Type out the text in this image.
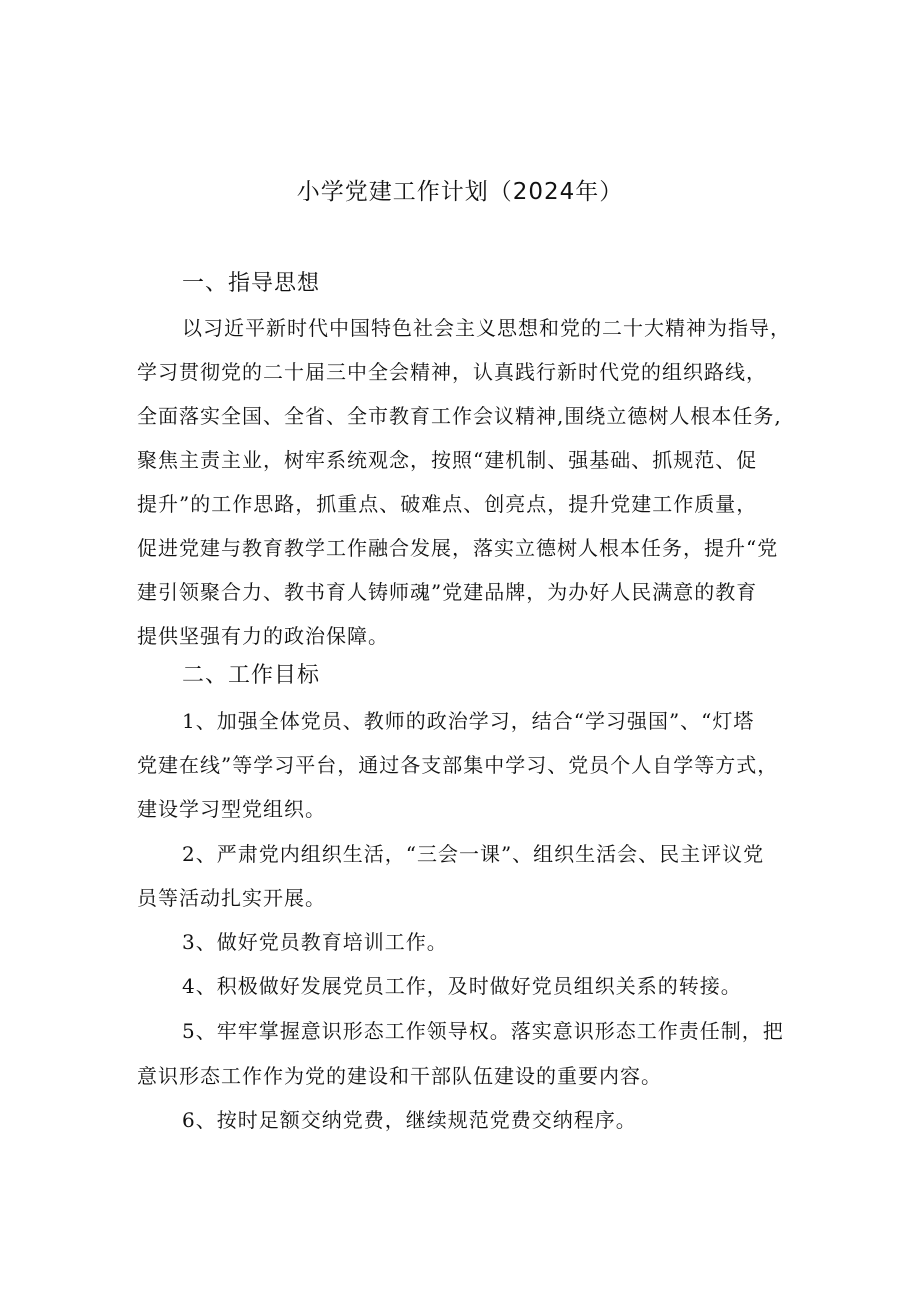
小学党建工作计划（2024年）
一、指导思想
以习近平新时代中国特色社会主义思想和党的二十大精神为指导，
学习贯彻党的二十届三中全会精神，认真践行新时代党的组织路线，
全面落实全国、全省、全市教育工作会议精神,围绕立德树人根本任务,
聚焦主责主业，树牢系统观念，按照“建机制、强基础、抓规范、促
提升”的工作思路，抓重点、破难点、创亮点，提升党建工作质量，
促进党建与教育教学工作融合发展，落实立德树人根本任务，提升“党
建引领聚合力、教书育人铸师魂”党建品牌，为办好人民满意的教育
提供坚强有力的政治保障。
二、工作目标
1、加强全体党员、教师的政治学习，结合“学习强国”、“灯塔
党建在线”等学习平台，通过各支部集中学习、党员个人自学等方式，
建设学习型党组织。
2、严肃党内组织生活，“三会一课”、组织生活会、民主评议党
员等活动扎实开展。
3、做好党员教育培训工作。
4、积极做好发展党员工作，及时做好党员组织关系的转接。
5、牢牢掌握意识形态工作领导权。落实意识形态工作责任制，把
意识形态工作作为党的建设和干部队伍建设的重要内容。
6、按时足额交纳党费，继续规范党费交纳程序。
